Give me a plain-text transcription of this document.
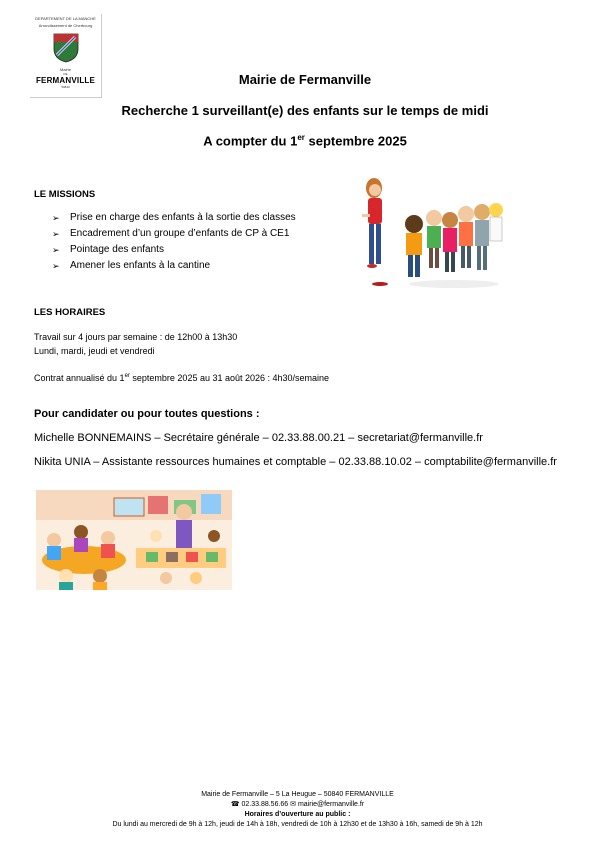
DEPARTEMENT DE LA MANCHE
Arrondissement de Cherbourg
Mairie
DE
FERMANVILLE
50840	Mairie de Fermanville
Recherche 1 surveillant(e) des enfants sur le temps de midi
A compter du 1er septembre 2025
LE MISSIONS
➢	Prise en charge des enfants à la sortie des classes
➢	Encadrement d’un groupe d’enfants de CP à CE1
➢	Pointage des enfants
➢	Amener les enfants à la cantine
LES HORAIRES
Travail sur 4 jours par semaine : de 12h00 à 13h30
Lundi, mardi, jeudi et vendredi
Contrat annualisé du 1er septembre 2025 au 31 août 2026 : 4h30/semaine
Pour candidater ou pour toutes questions :
Michelle BONNEMAINS – Secrétaire générale – 02.33.88.00.21 – secretariat@fermanville.fr
Nikita UNIA – Assistante ressources humaines et comptable – 02.33.88.10.02 – comptabilite@fermanville.fr
Mairie de Fermanville – 5 La Heugue – 50840 FERMANVILLE
☎ 02.33.88.56.66 ✉ mairie@fermanville.fr
Horaires d’ouverture au public :
Du lundi au mercredi de 9h à 12h, jeudi de 14h à 18h, vendredi de 10h à 12h30 et de 13h30 à 16h, samedi de 9h à 12h
